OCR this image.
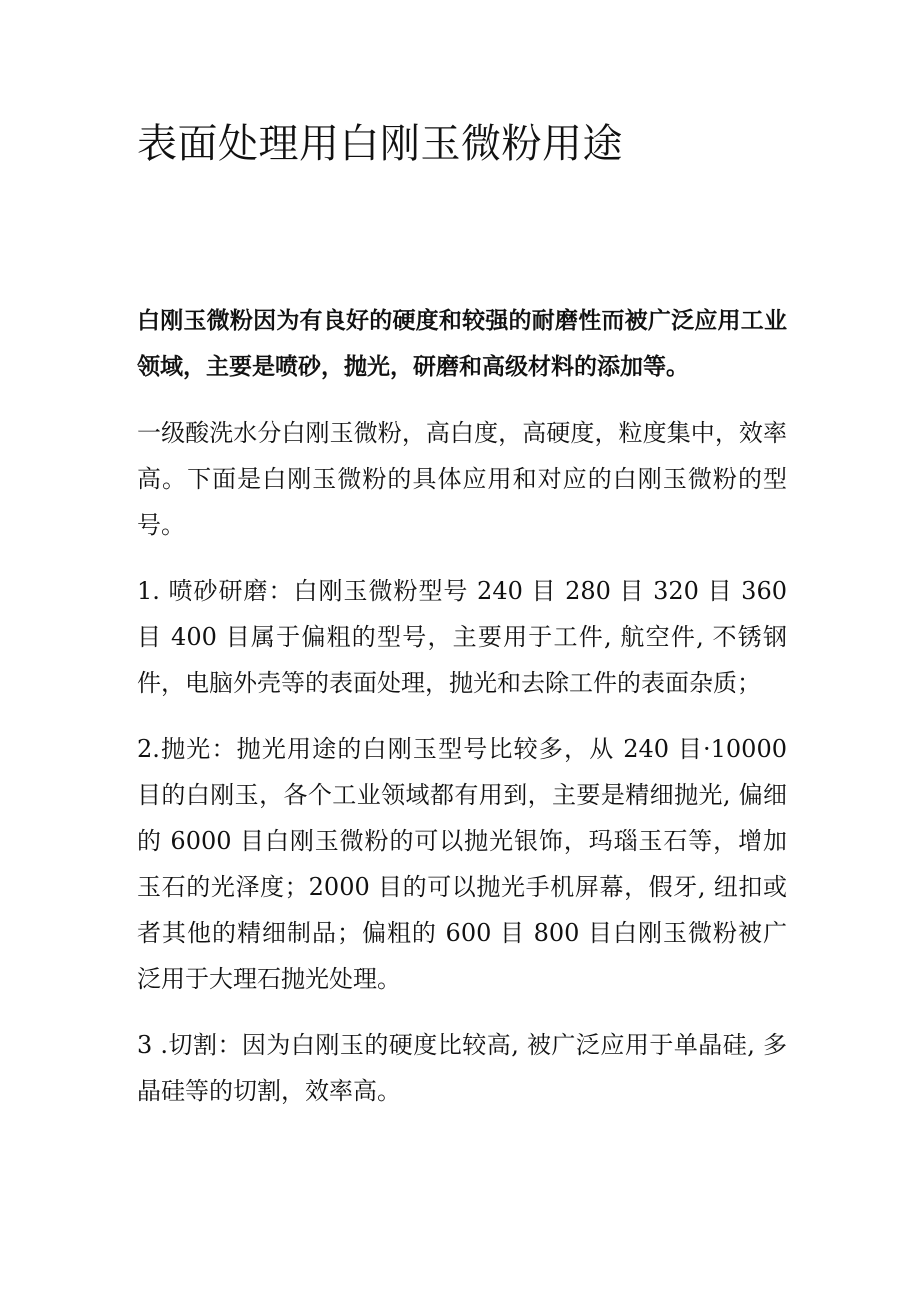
表面处理用白刚玉微粉用途

白刚玉微粉因为有良好的硬度和较强的耐磨性而被广泛应用工业领域，主要是喷砂，抛光，研磨和高级材料的添加等。

一级酸洗水分白刚玉微粉，高白度，高硬度，粒度集中，效率高。下面是白刚玉微粉的具体应用和对应的白刚玉微粉的型号。

1. 喷砂研磨：白刚玉微粉型号 240 目 280 目 320 目 360 目 400 目属于偏粗的型号，主要用于工件, 航空件, 不锈钢件，电脑外壳等的表面处理，抛光和去除工件的表面杂质；

2.抛光：抛光用途的白刚玉型号比较多，从 240 目·10000 目的白刚玉，各个工业领域都有用到，主要是精细抛光, 偏细的 6000 目白刚玉微粉的可以抛光银饰，玛瑙玉石等，增加玉石的光泽度；2000 目的可以抛光手机屏幕，假牙, 纽扣或者其他的精细制品；偏粗的 600 目 800 目白刚玉微粉被广泛用于大理石抛光处理。

3 .切割：因为白刚玉的硬度比较高, 被广泛应用于单晶硅, 多晶硅等的切割，效率高。
